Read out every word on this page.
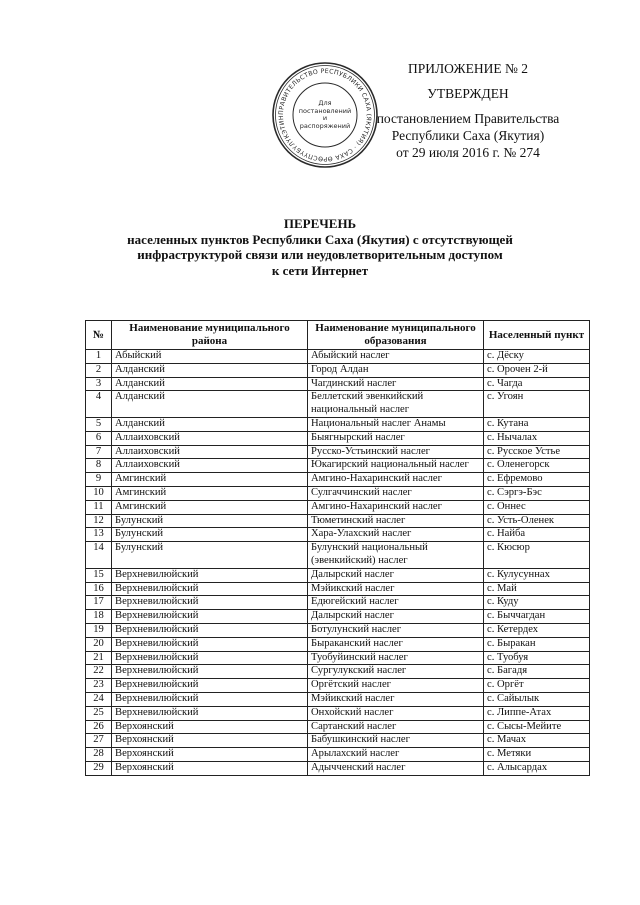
ПРАВИТЕЛЬСТВО РЕСПУБЛИКИ САХА (ЯКУТИЯ) · САХА ӨРӨСПҮҮБҮЛҮКЭТИН
Для постановлений и распоряжений
ПРИЛОЖЕНИЕ № 2
УТВЕРЖДЕН
постановлением Правительства
Республики Саха (Якутия)
от 29 июля 2016 г. № 274
ПЕРЕЧЕНЬ
населенных пунктов Республики Саха (Якутия) с отсутствующей
инфраструктурой связи или неудовлетворительным доступом
к сети Интернет
№	Наименование муниципального района	Наименование муниципального образования	Населенный пункт
1	Абыйский	Абыйский наслег	с. Дёску
2	Алданский	Город Алдан	с. Орочен 2-й
3	Алданский	Чагдинский наслег	с. Чагда
4	Алданский	Беллетский эвенкийский национальный наслег	с. Угоян
5	Алданский	Национальный наслег Анамы	с. Кутана
6	Аллаиховский	Быягнырский наслег	с. Нычалах
7	Аллаиховский	Русско-Устьинский наслег	с. Русское Устье
8	Аллаиховский	Юкагирский национальный наслег	с. Оленегорск
9	Амгинский	Амгино-Нахаринский наслег	с. Ефремово
10	Амгинский	Сулгаччинский наслег	с. Сэргэ-Бэс
11	Амгинский	Амгино-Нахаринский наслег	с. Оннес
12	Булунский	Тюметинский наслег	с. Усть-Оленек
13	Булунский	Хара-Улахский наслег	с. Найба
14	Булунский	Булунский национальный (эвенкийский) наслег	с. Кюсюр
15	Верхневилюйский	Далырский наслег	с. Кулусуннах
16	Верхневилюйский	Мэйикский наслег	с. Май
17	Верхневилюйский	Едюгейский наслег	с. Куду
18	Верхневилюйский	Далырский наслег	с. Быччагдан
19	Верхневилюйский	Ботулунский наслег	с. Кетердех
20	Верхневилюйский	Быраканский наслег	с. Быракан
21	Верхневилюйский	Туобуйинский наслег	с. Туобуя
22	Верхневилюйский	Сургулукский наслег	с. Багадя
23	Верхневилюйский	Оргётский наслег	с. Оргёт
24	Верхневилюйский	Мэйикский наслег	с. Сайылык
25	Верхневилюйский	Онхойский наслег	с. Липпе-Атах
26	Верхоянский	Сартанский наслег	с. Сысы-Мейите
27	Верхоянский	Бабушкинский наслег	с. Мачах
28	Верхоянский	Арылахский наслег	с. Метяки
29	Верхоянский	Адычченский наслег	с. Алысардах
